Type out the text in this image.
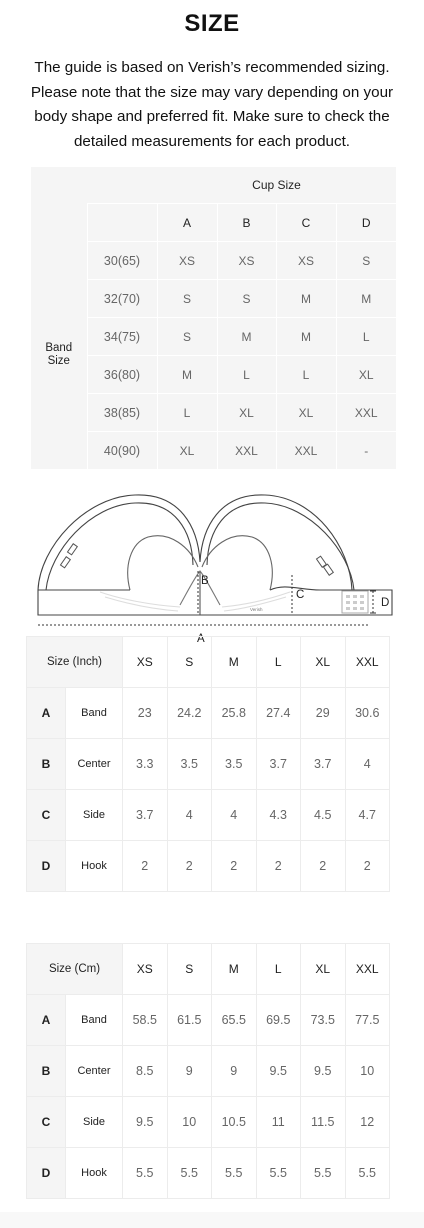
SIZE
The guide is based on Verish’s recommended sizing. Please note that the size may vary depending on your body shape and preferred fit. Make sure to check the detailed measurements for each product.
		Cup Size			
		A	B	C	D
Band
Size	30(65)	XS	XS	XS	S
	32(70)	S	S	M	M
	34(75)	S	M	M	L
	36(80)	M	L	L	XL
	38(85)	L	XL	XL	XXL
	40(90)	XL	XXL	XXL	-
B
C
D
A
Verish
Size (Inch)		XS	S	M	L	XL	XXL
A	Band	23	24.2	25.8	27.4	29	30.6
B	Center	3.3	3.5	3.5	3.7	3.7	4
C	Side	3.7	4	4	4.3	4.5	4.7
D	Hook	2	2	2	2	2	2
Size (Cm)		XS	S	M	L	XL	XXL
A	Band	58.5	61.5	65.5	69.5	73.5	77.5
B	Center	8.5	9	9	9.5	9.5	10
C	Side	9.5	10	10.5	11	11.5	12
D	Hook	5.5	5.5	5.5	5.5	5.5	5.5
